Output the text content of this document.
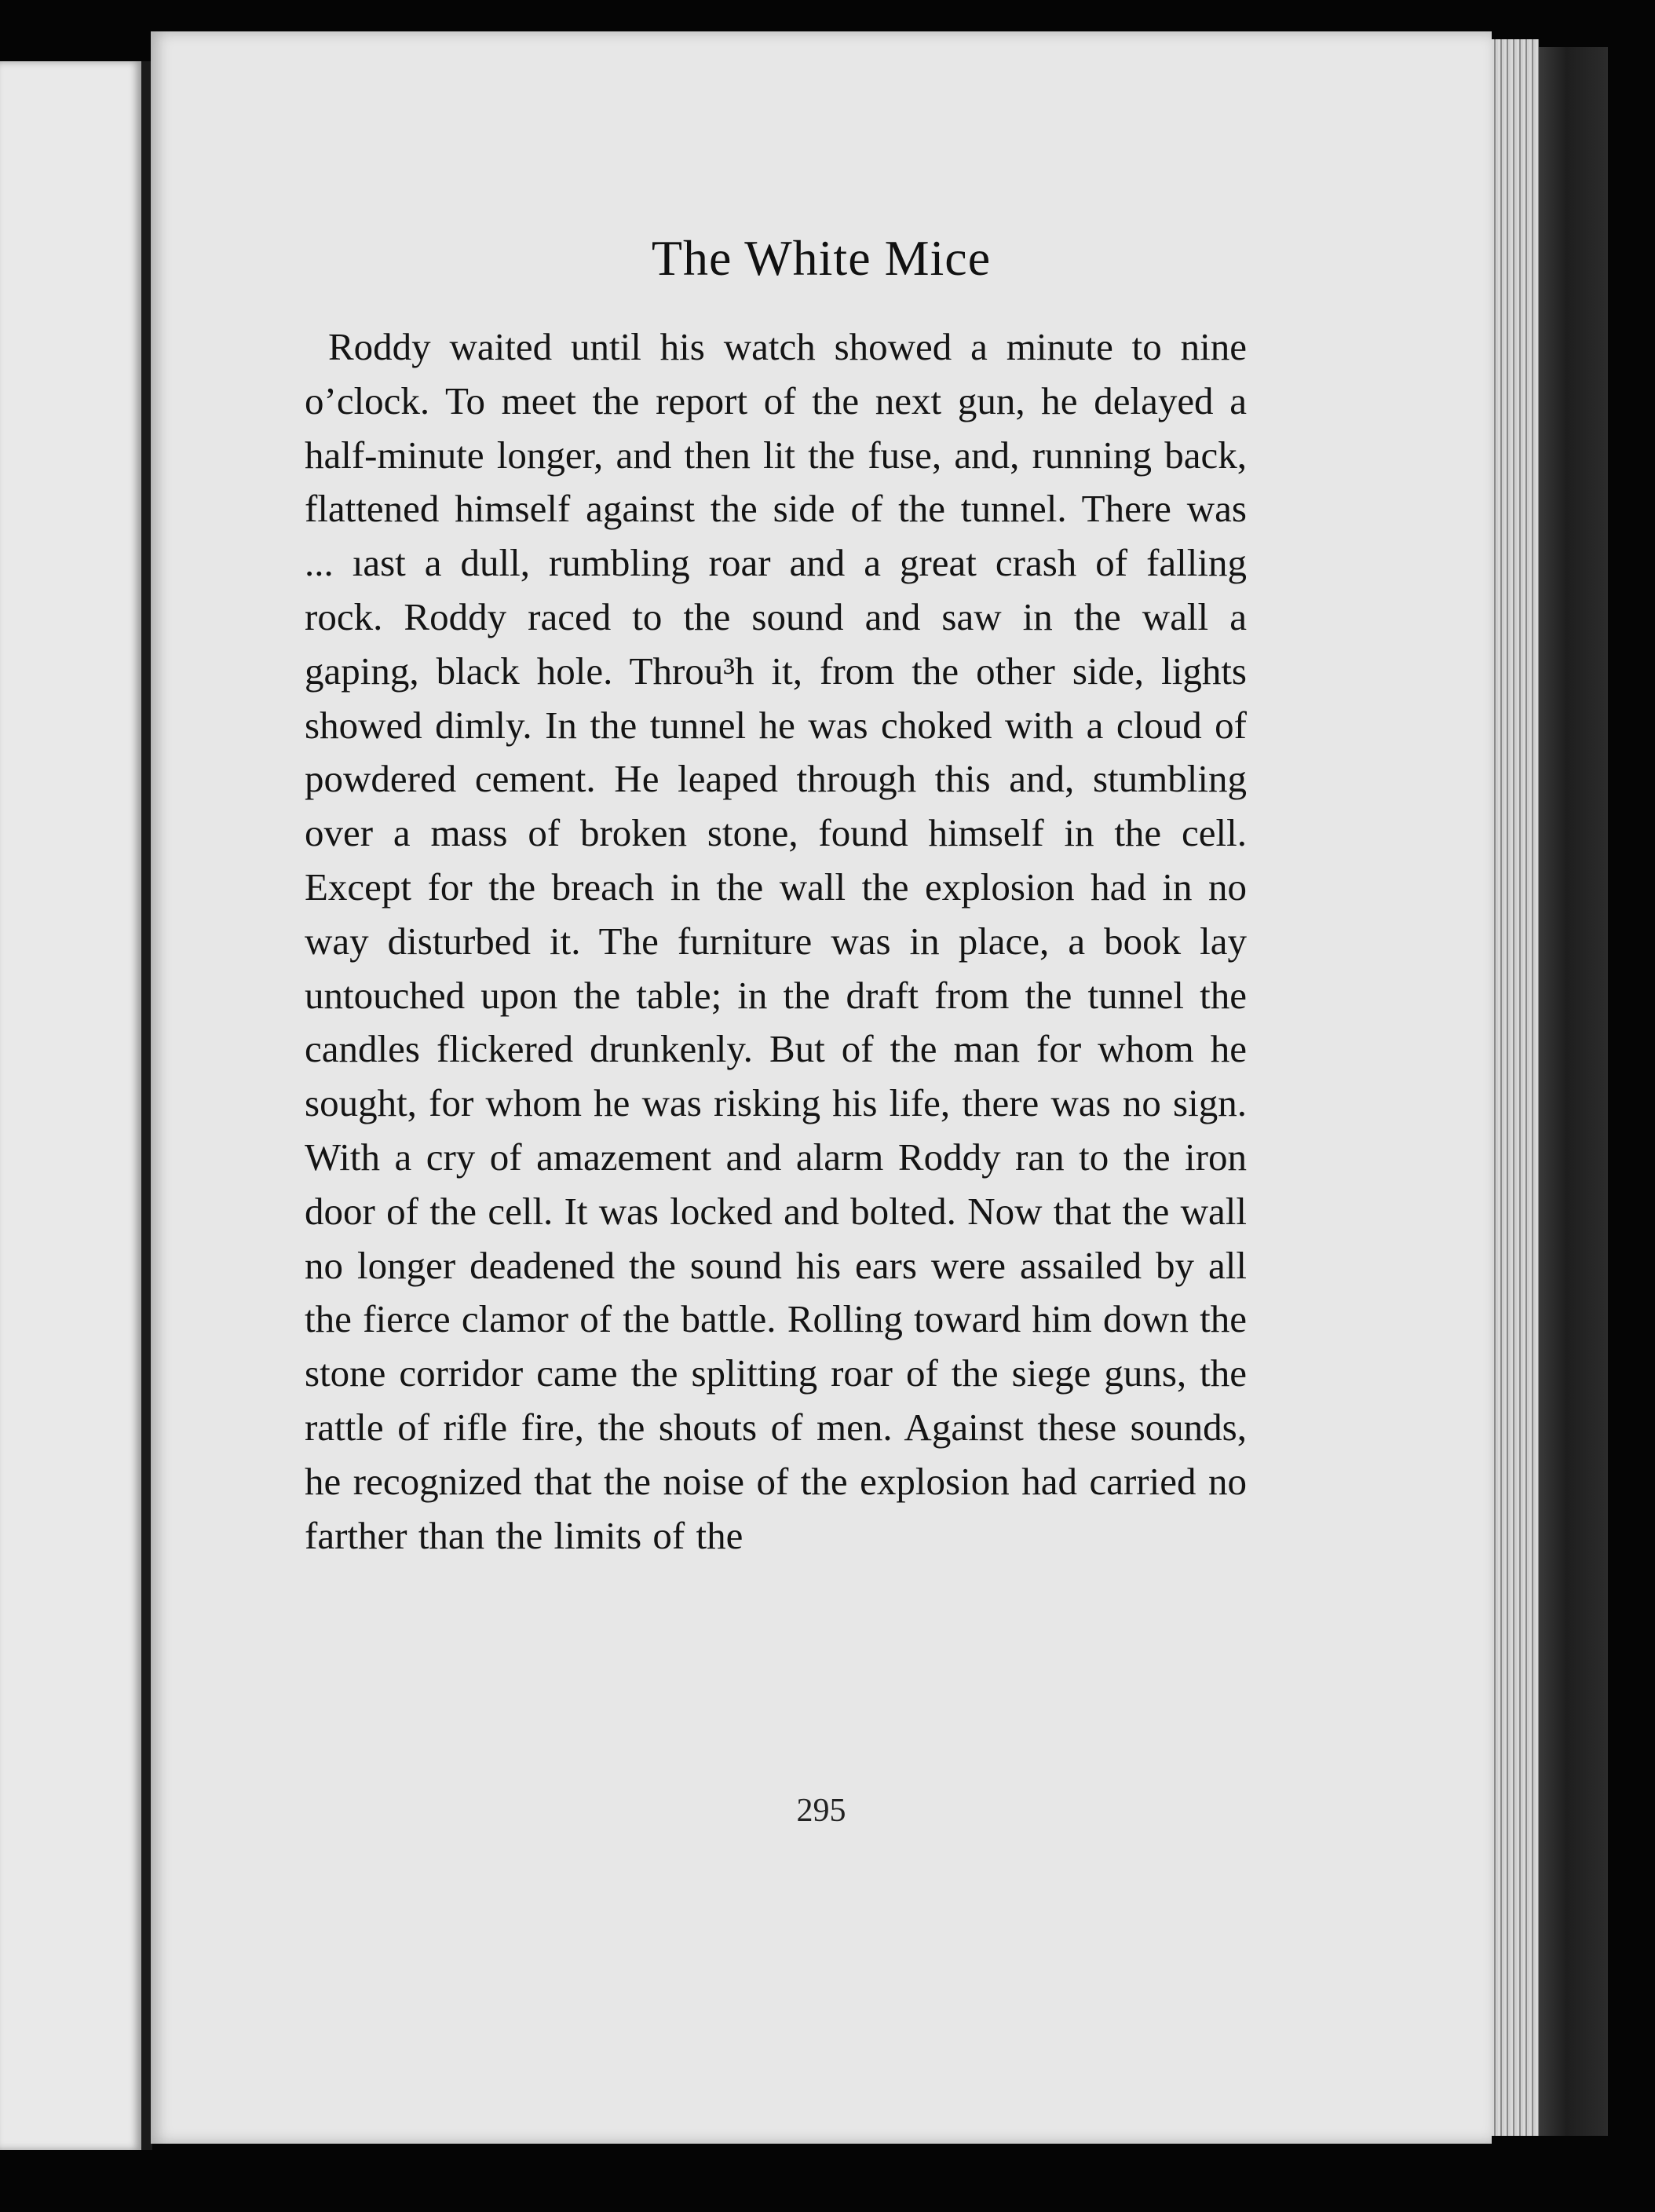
The White Mice

Roddy waited until his watch showed a minute to nine o’clock. To meet the report of the next gun, he delayed a half-minute longer, and then lit the fuse, and, running back, flattened himself against the side of the tunnel. There was ... ıast a dull, rumbling roar and a great crash of falling rock. Roddy raced to the sound and saw in the wall a gaping, black hole. Throu³h it, from the other side, lights showed dimly. In the tunnel he was choked with a cloud of powdered cement. He leaped through this and, stumbling over a mass of broken stone, found himself in the cell. Except for the breach in the wall the explosion had in no way disturbed it. The furniture was in place, a book lay untouched upon the table; in the draft from the tunnel the candles flickered drunkenly. But of the man for whom he sought, for whom he was risking his life, there was no sign. With a cry of amazement and alarm Roddy ran to the iron door of the cell. It was locked and bolted. Now that the wall no longer deadened the sound his ears were assailed by all the fierce clamor of the battle. Rolling toward him down the stone corridor came the splitting roar of the siege guns, the rattle of rifle fire, the shouts of men. Against these sounds, he recognized that the noise of the explosion had carried no farther than the limits of the

295
